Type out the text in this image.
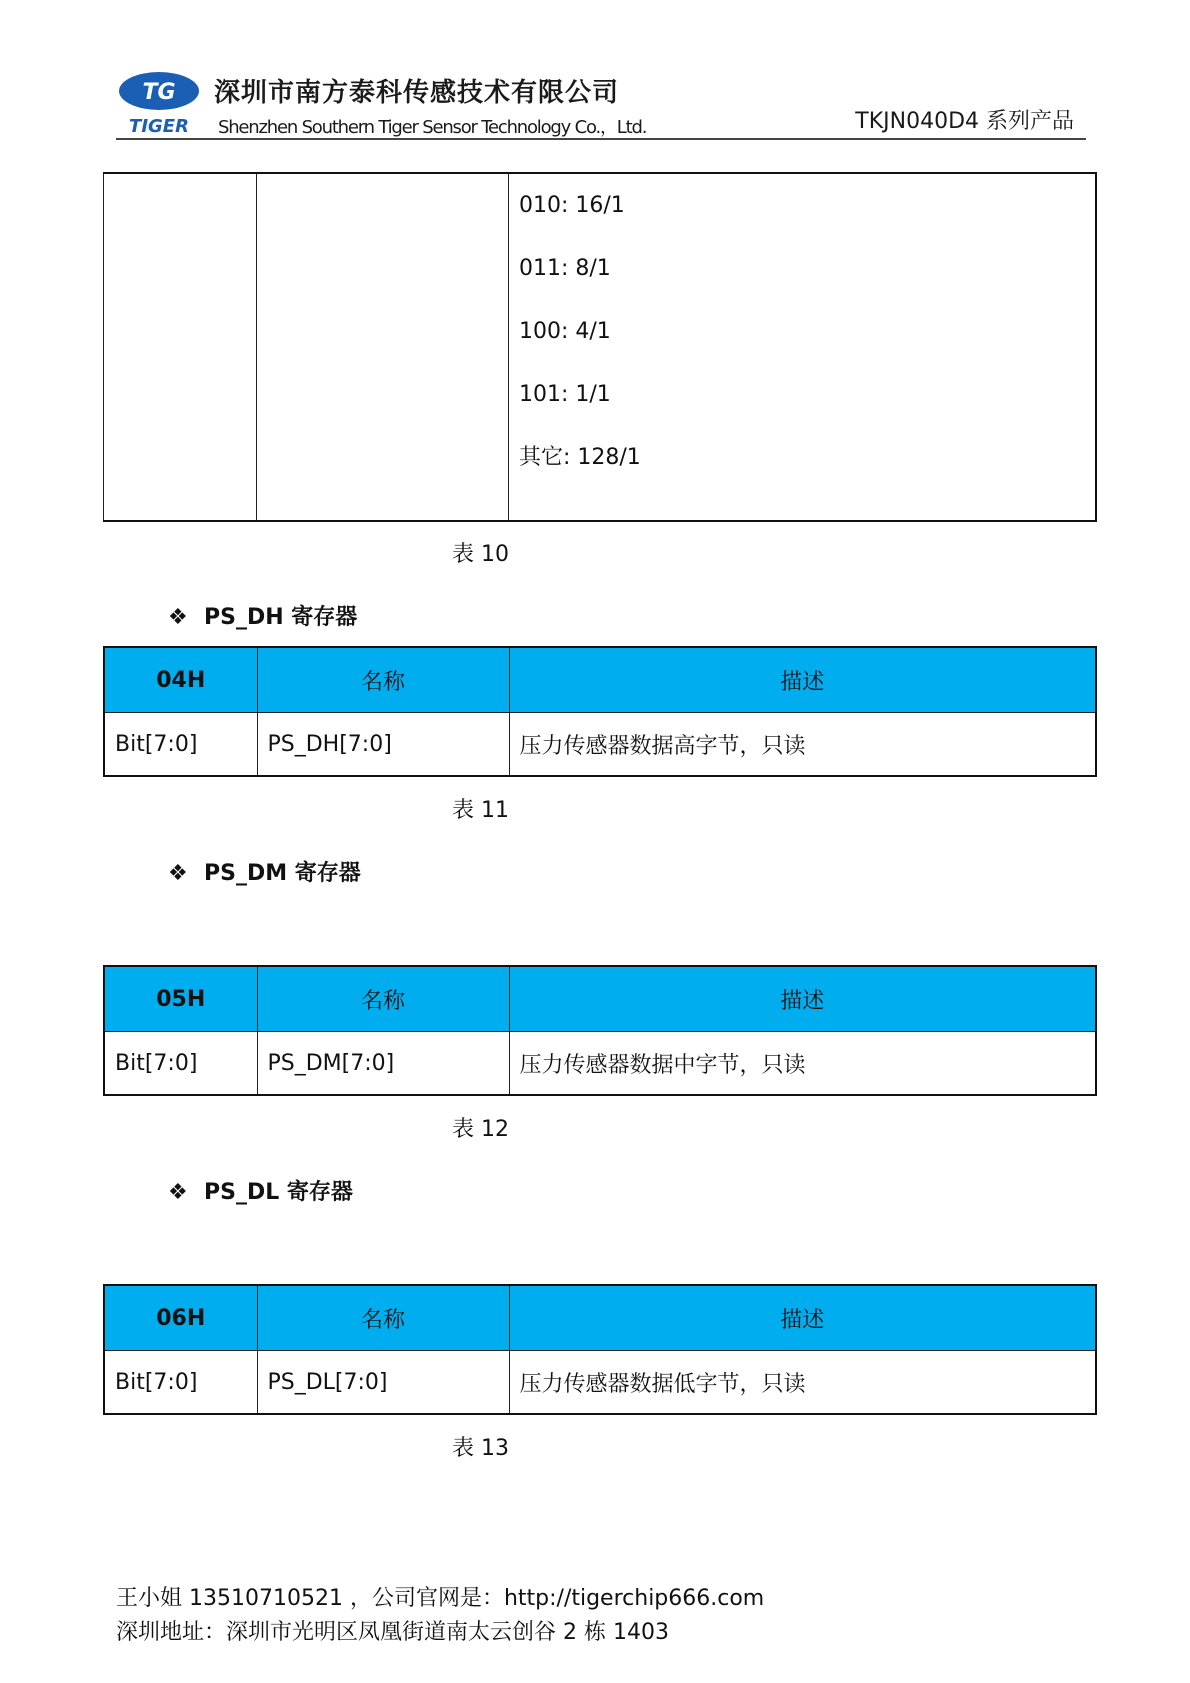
TG
TIGER
深圳市南方泰科传感技术有限公司
Shenzhen Southern Tiger Sensor Technology Co.，Ltd.	TKJN040D4 系列产品

010: 16/1
011: 8/1
100: 4/1
101: 1/1
其它: 128/1
表 10
❖ PS_DH 寄存器
04H	名称	描述
Bit[7:0]	PS_DH[7:0]	压力传感器数据高字节，只读
表 11
❖ PS_DM 寄存器
05H	名称	描述
Bit[7:0]	PS_DM[7:0]	压力传感器数据中字节，只读
表 12
❖ PS_DL 寄存器
06H	名称	描述
Bit[7:0]	PS_DL[7:0]	压力传感器数据低字节，只读
表 13
王小姐 13510710521 ，公司官网是：http://tigerchip666.com
深圳地址：深圳市光明区凤凰街道南太云创谷 2 栋 1403
